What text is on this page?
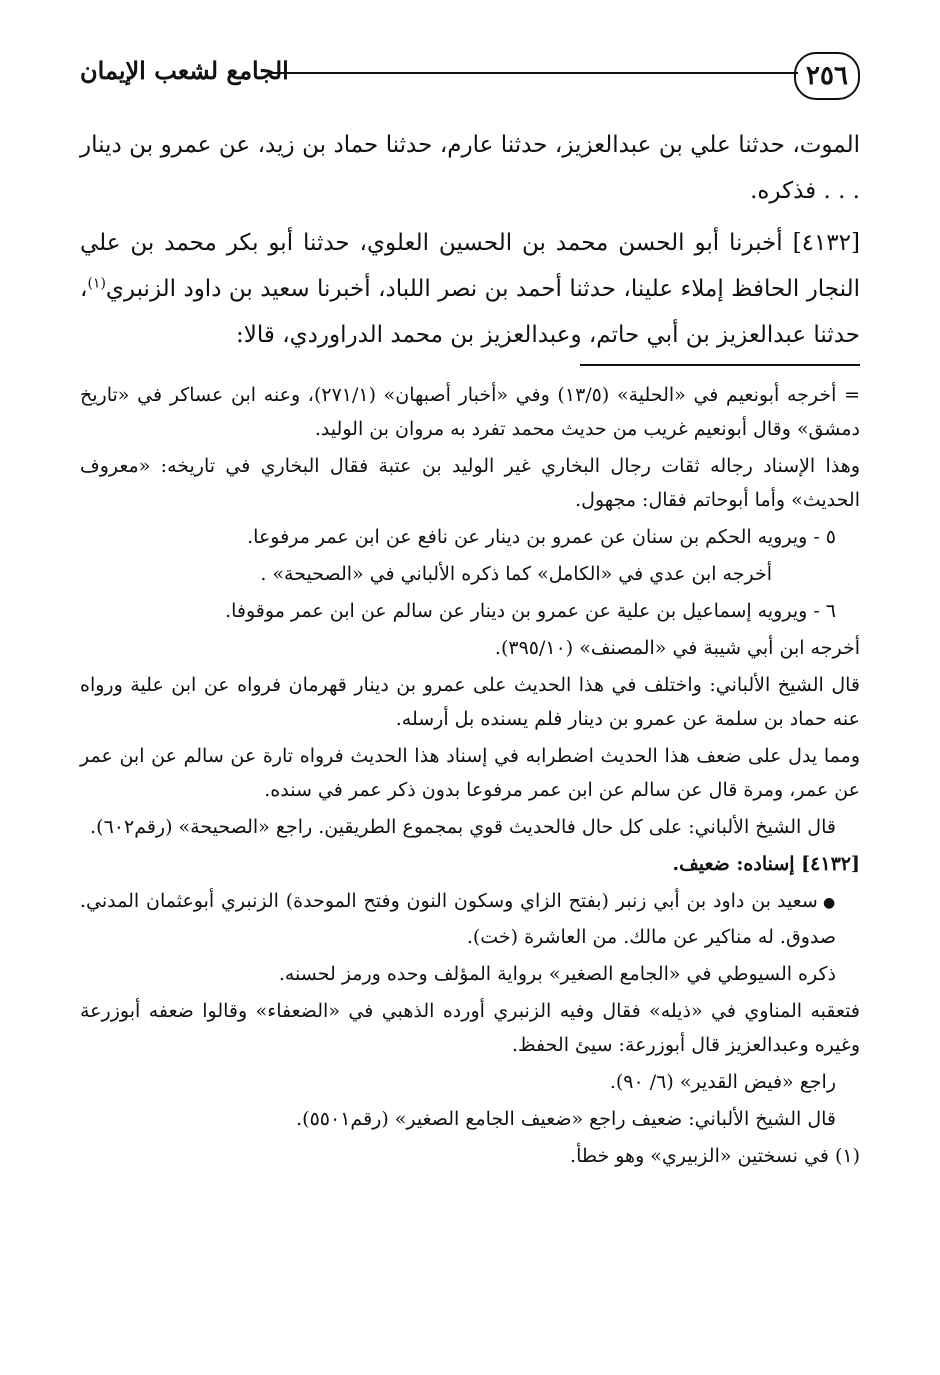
٢٥٦
الجامع لشعب الإيمان

الموت، حدثنا علي بن عبدالعزيز، حدثنا عارم، حدثنا حماد بن زيد، عن عمرو بن دينار . . . فذكره.

[٤١٣٢] أخبرنا أبو الحسن محمد بن الحسين العلوي، حدثنا أبو بكر محمد بن علي النجار الحافظ إملاء علينا، حدثنا أحمد بن نصر اللباد، أخبرنا سعيد بن داود الزنبري$^{(١)}$، حدثنا عبدالعزيز بن أبي حاتم، وعبدالعزيز بن محمد الدراوردي، قالا:

= أخرجه أبونعيم في «الحلية» (١٣/٥) وفي «أخبار أصبهان» (٢٧١/١)، وعنه ابن عساكر في «تاريخ دمشق» وقال أبونعيم غريب من حديث محمد تفرد به مروان بن الوليد.

وهذا الإسناد رجاله ثقات رجال البخاري غير الوليد بن عتبة فقال البخاري في تاريخه: «معروف الحديث» وأما أبوحاتم فقال: مجهول.

٥ - ويرويه الحكم بن سنان عن عمرو بن دينار عن نافع عن ابن عمر مرفوعا.

أخرجه ابن عدي في «الكامل» كما ذكره الألباني في «الصحيحة» .

٦ - ويرويه إسماعيل بن علية عن عمرو بن دينار عن سالم عن ابن عمر موقوفا.

أخرجه ابن أبي شيبة في «المصنف» (٣٩٥/١٠).

قال الشيخ الألباني: واختلف في هذا الحديث على عمرو بن دينار قهرمان فرواه عن ابن علية ورواه عنه حماد بن سلمة عن عمرو بن دينار فلم يسنده بل أرسله.

ومما يدل على ضعف هذا الحديث اضطرابه في إسناد هذا الحديث فرواه تارة عن سالم عن ابن عمر عن عمر، ومرة قال عن سالم عن ابن عمر مرفوعا بدون ذكر عمر في سنده.

قال الشيخ الألباني: على كل حال فالحديث قوي بمجموع الطريقين. راجع «الصحيحة» (رقم٦٠٢).

[٤١٣٢] إسناده: ضعيف.

● سعيد بن داود بن أبي زنبر (بفتح الزاي وسكون النون وفتح الموحدة) الزنبري أبوعثمان المدني. صدوق. له مناكير عن مالك. من العاشرة (خت).

ذكره السيوطي في «الجامع الصغير» برواية المؤلف وحده ورمز لحسنه.

فتعقبه المناوي في «ذيله» فقال وفيه الزنبري أورده الذهبي في «الضعفاء» وقالوا ضعفه أبوزرعة وغيره وعبدالعزيز قال أبوزرعة: سيئ الحفظ.

راجع «فيض القدير» (٦/ ٩٠).

قال الشيخ الألباني: ضعيف راجع «ضعيف الجامع الصغير» (رقم٥٥٠١).

(١) في نسختين «الزبيري» وهو خطأ.
